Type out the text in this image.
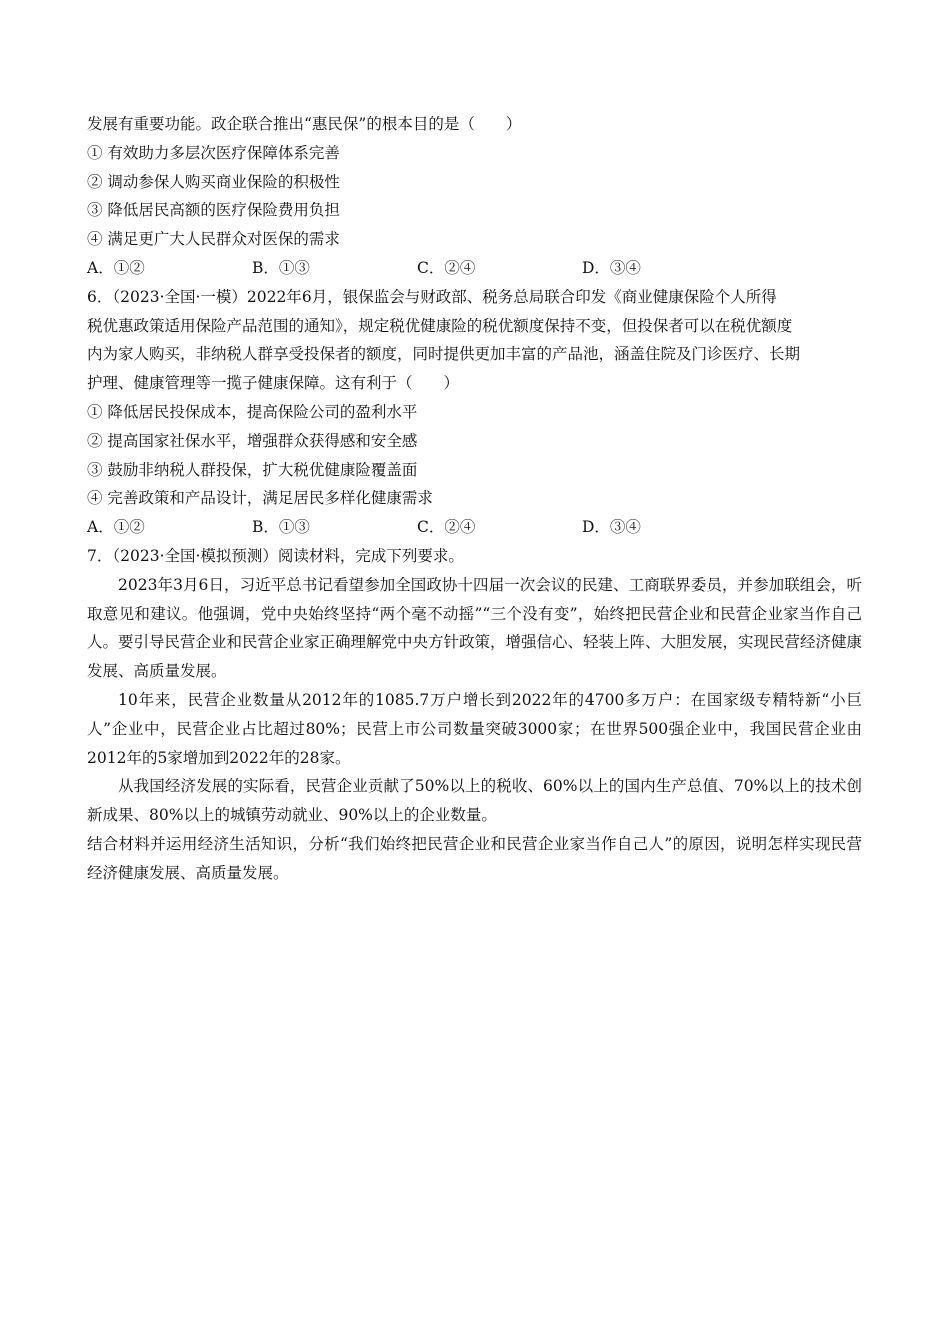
发展有重要功能。政企联合推出“惠民保”的根本目的是（　　）
① 有效助力多层次医疗保障体系完善
② 调动参保人购买商业保险的积极性
③ 降低居民高额的医疗保险费用负担
④ 满足更广大人民群众对医保的需求
A．①②	B．①③	C．②④	D．③④
6．（2023·全国·一模）2022年6月，银保监会与财政部、税务总局联合印发《商业健康保险个人所得
税优惠政策适用保险产品范围的通知》，规定税优健康险的税优额度保持不变，但投保者可以在税优额度
内为家人购买，非纳税人群享受投保者的额度，同时提供更加丰富的产品池，涵盖住院及门诊医疗、长期
护理、健康管理等一揽子健康保障。这有利于（　　）
① 降低居民投保成本，提高保险公司的盈利水平
② 提高国家社保水平，增强群众获得感和安全感
③ 鼓励非纳税人群投保，扩大税优健康险覆盖面
④ 完善政策和产品设计，满足居民多样化健康需求
A．①②	B．①③	C．②④	D．③④
7．（2023·全国·模拟预测）阅读材料，完成下列要求。
2023年3月6日，习近平总书记看望参加全国政协十四届一次会议的民建、工商联界委员，并参加联组会，听取意见和建议。他强调，党中央始终坚持“两个毫不动摇”“三个没有变”，始终把民营企业和民营企业家当作自己人。要引导民营企业和民营企业家正确理解党中央方针政策，增强信心、轻装上阵、大胆发展，实现民营经济健康发展、高质量发展。
10年来，民营企业数量从2012年的1085.7万户增长到2022年的4700多万户：在国家级专精特新“小巨人”企业中，民营企业占比超过80%；民营上市公司数量突破3000家；在世界500强企业中，我国民营企业由2012年的5家增加到2022年的28家。
从我国经济发展的实际看，民营企业贡献了50%以上的税收、60%以上的国内生产总值、70%以上的技术创新成果、80%以上的城镇劳动就业、90%以上的企业数量。
结合材料并运用经济生活知识，分析“我们始终把民营企业和民营企业家当作自己人”的原因，说明怎样实现民营经济健康发展、高质量发展。
